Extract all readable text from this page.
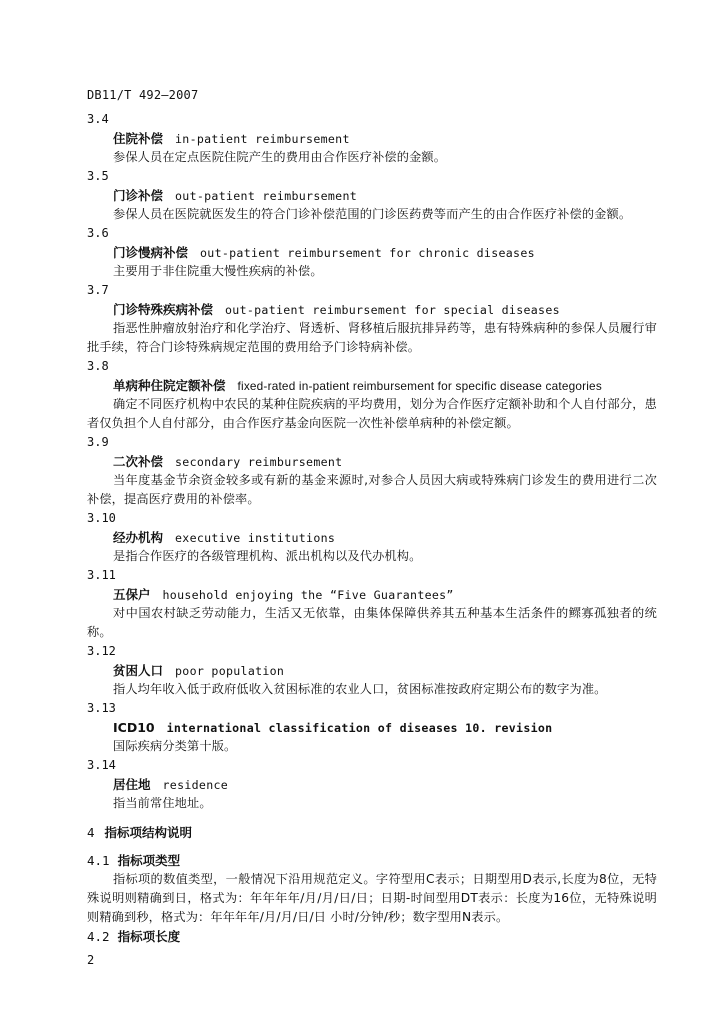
DB11/T 492—2007
3.4
住院补偿 in-patient reimbursement

参保人员在定点医院住院产生的费用由合作医疗补偿的金额。

3.5
门诊补偿 out-patient reimbursement

参保人员在医院就医发生的符合门诊补偿范围的门诊医药费等而产生的由合作医疗补偿的金额。

3.6
门诊慢病补偿 out-patient reimbursement for chronic diseases

主要用于非住院重大慢性疾病的补偿。

3.7
门诊特殊疾病补偿 out-patient reimbursement for special diseases

指恶性肿瘤放射治疗和化学治疗、肾透析、肾移植后服抗排异药等，患有特殊病种的参保人员履行审批手续，符合门诊特殊病规定范围的费用给予门诊特病补偿。

3.8
单病种住院定额补偿 fixed-rated in-patient reimbursement for specific disease categories

确定不同医疗机构中农民的某种住院疾病的平均费用，划分为合作医疗定额补助和个人自付部分，患者仅负担个人自付部分，由合作医疗基金向医院一次性补偿单病种的补偿定额。

3.9
二次补偿 secondary reimbursement

当年度基金节余资金较多或有新的基金来源时,对参合人员因大病或特殊病门诊发生的费用进行二次补偿，提高医疗费用的补偿率。

3.10
经办机构 executive institutions

是指合作医疗的各级管理机构、派出机构以及代办机构。

3.11
五保户 household enjoying the “Five Guarantees”

对中国农村缺乏劳动能力，生活又无依靠，由集体保障供养其五种基本生活条件的鳏寡孤独者的统称。

3.12
贫困人口 poor population

指人均年收入低于政府低收入贫困标准的农业人口，贫困标准按政府定期公布的数字为准。

3.13
ICD10 international classification of diseases 10. revision

国际疾病分类第十版。

3.14
居住地 residence

指当前常住地址。

4 指标项结构说明
4.1 指标项类型

指标项的数值类型，一般情况下沿用规范定义。字符型用C表示；日期型用D表示,长度为8位，无特殊说明则精确到日，格式为：年年年年/月/月/日/日；日期-时间型用DT表示：长度为16位，无特殊说明则精确到秒，格式为：年年年年/月/月/日/日 小时/分钟/秒；数字型用N表示。

4.2 指标项长度
2
